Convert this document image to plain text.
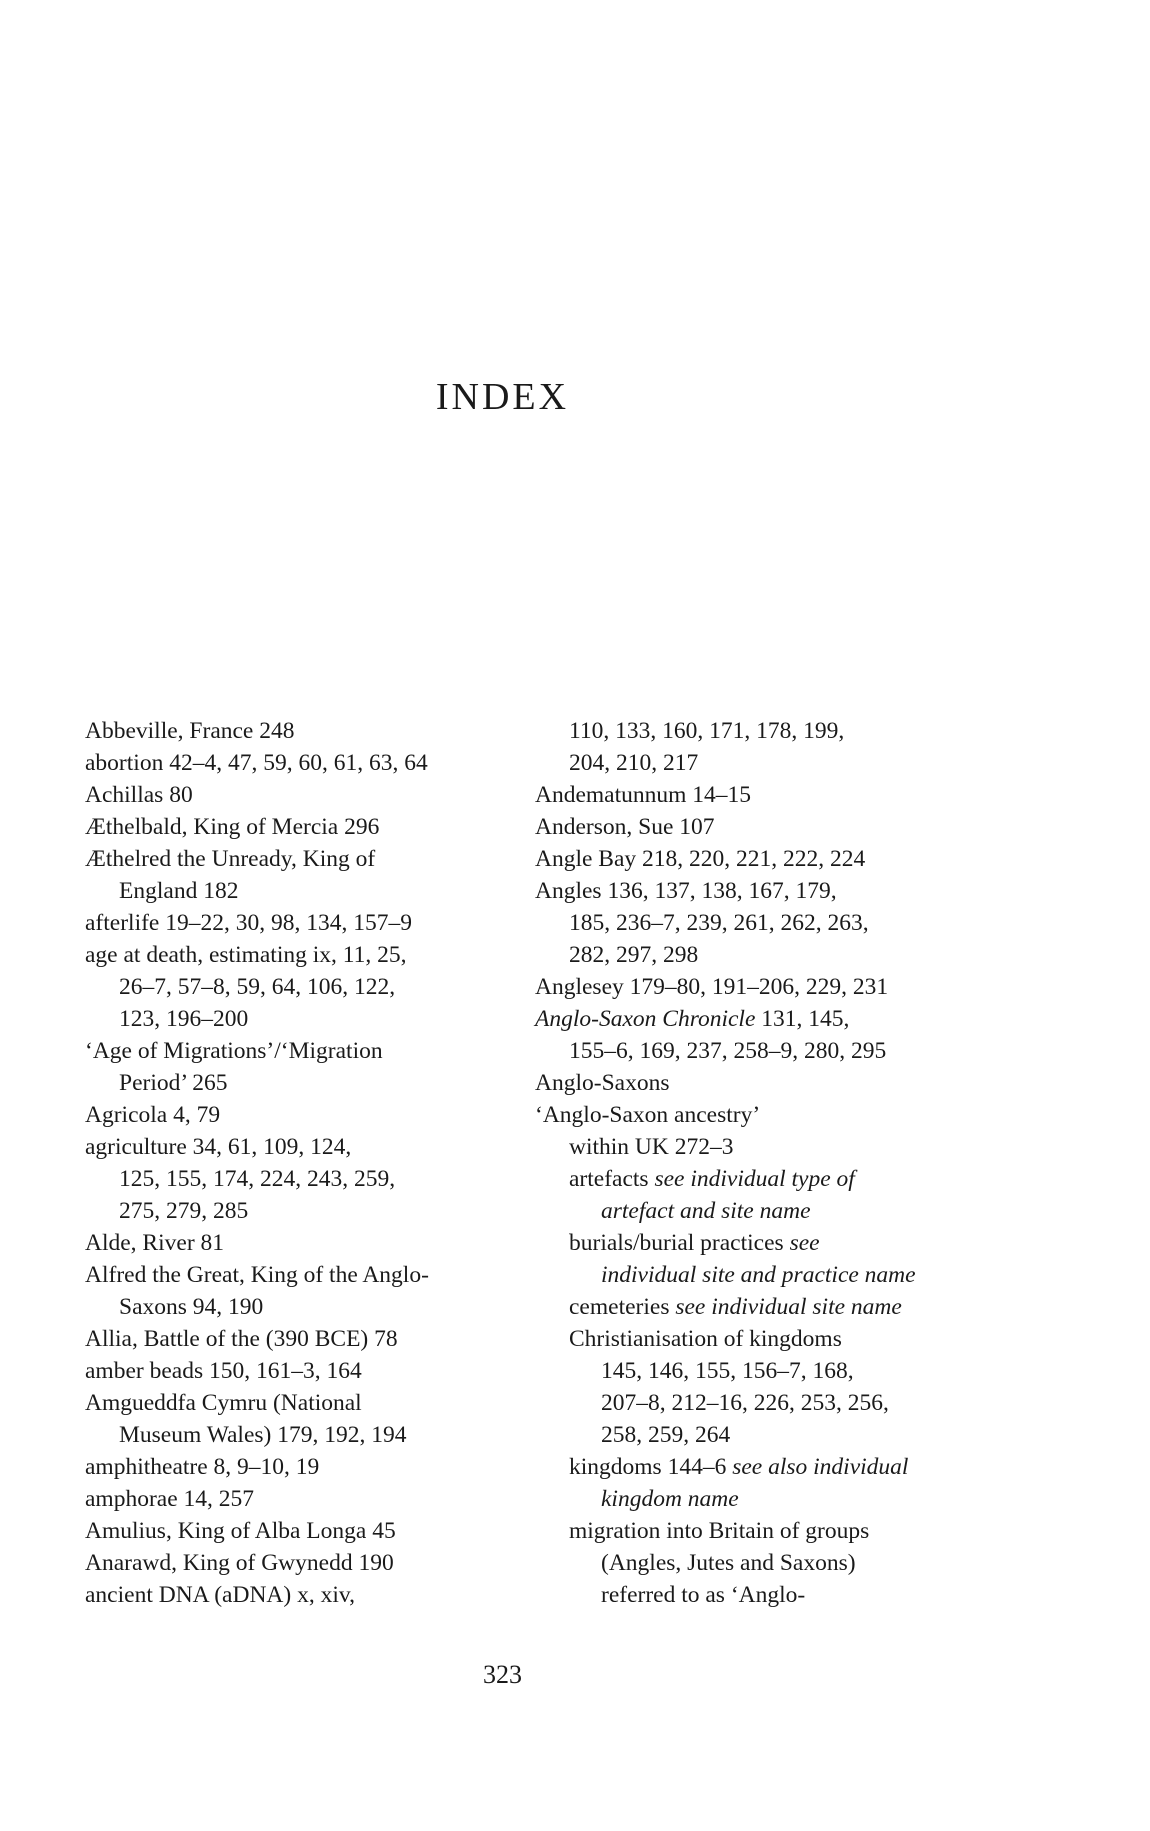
INDEX
Abbeville, France 248
abortion 42–4, 47, 59, 60, 61, 63, 64
Achillas 80
Æthelbald, King of Mercia 296
Æthelred the Unready, King of
England 182
afterlife 19–22, 30, 98, 134, 157–9
age at death, estimating ix, 11, 25,
26–7, 57–8, 59, 64, 106, 122,
123, 196–200
‘Age of Migrations’/‘Migration
Period’ 265
Agricola 4, 79
agriculture 34, 61, 109, 124,
125, 155, 174, 224, 243, 259,
275, 279, 285
Alde, River 81
Alfred the Great, King of the Anglo-
Saxons 94, 190
Allia, Battle of the (390 BCE) 78
amber beads 150, 161–3, 164
Amgueddfa Cymru (National
Museum Wales) 179, 192, 194
amphitheatre 8, 9–10, 19
amphorae 14, 257
Amulius, King of Alba Longa 45
Anarawd, King of Gwynedd 190
ancient DNA (aDNA) x, xiv,
110, 133, 160, 171, 178, 199,
204, 210, 217
Andematunnum 14–15
Anderson, Sue 107
Angle Bay 218, 220, 221, 222, 224
Angles 136, 137, 138, 167, 179,
185, 236–7, 239, 261, 262, 263,
282, 297, 298
Anglesey 179–80, 191–206, 229, 231
Anglo-Saxon Chronicle 131, 145,
155–6, 169, 237, 258–9, 280, 295
Anglo-Saxons
‘Anglo-Saxon ancestry’
within UK 272–3
artefacts see individual type of
artefact and site name
burials/burial practices see
individual site and practice name
cemeteries see individual site name
Christianisation of kingdoms
145, 146, 155, 156–7, 168,
207–8, 212–16, 226, 253, 256,
258, 259, 264
kingdoms 144–6 see also individual
kingdom name
migration into Britain of groups
(Angles, Jutes and Saxons)
referred to as ‘Anglo-

323
